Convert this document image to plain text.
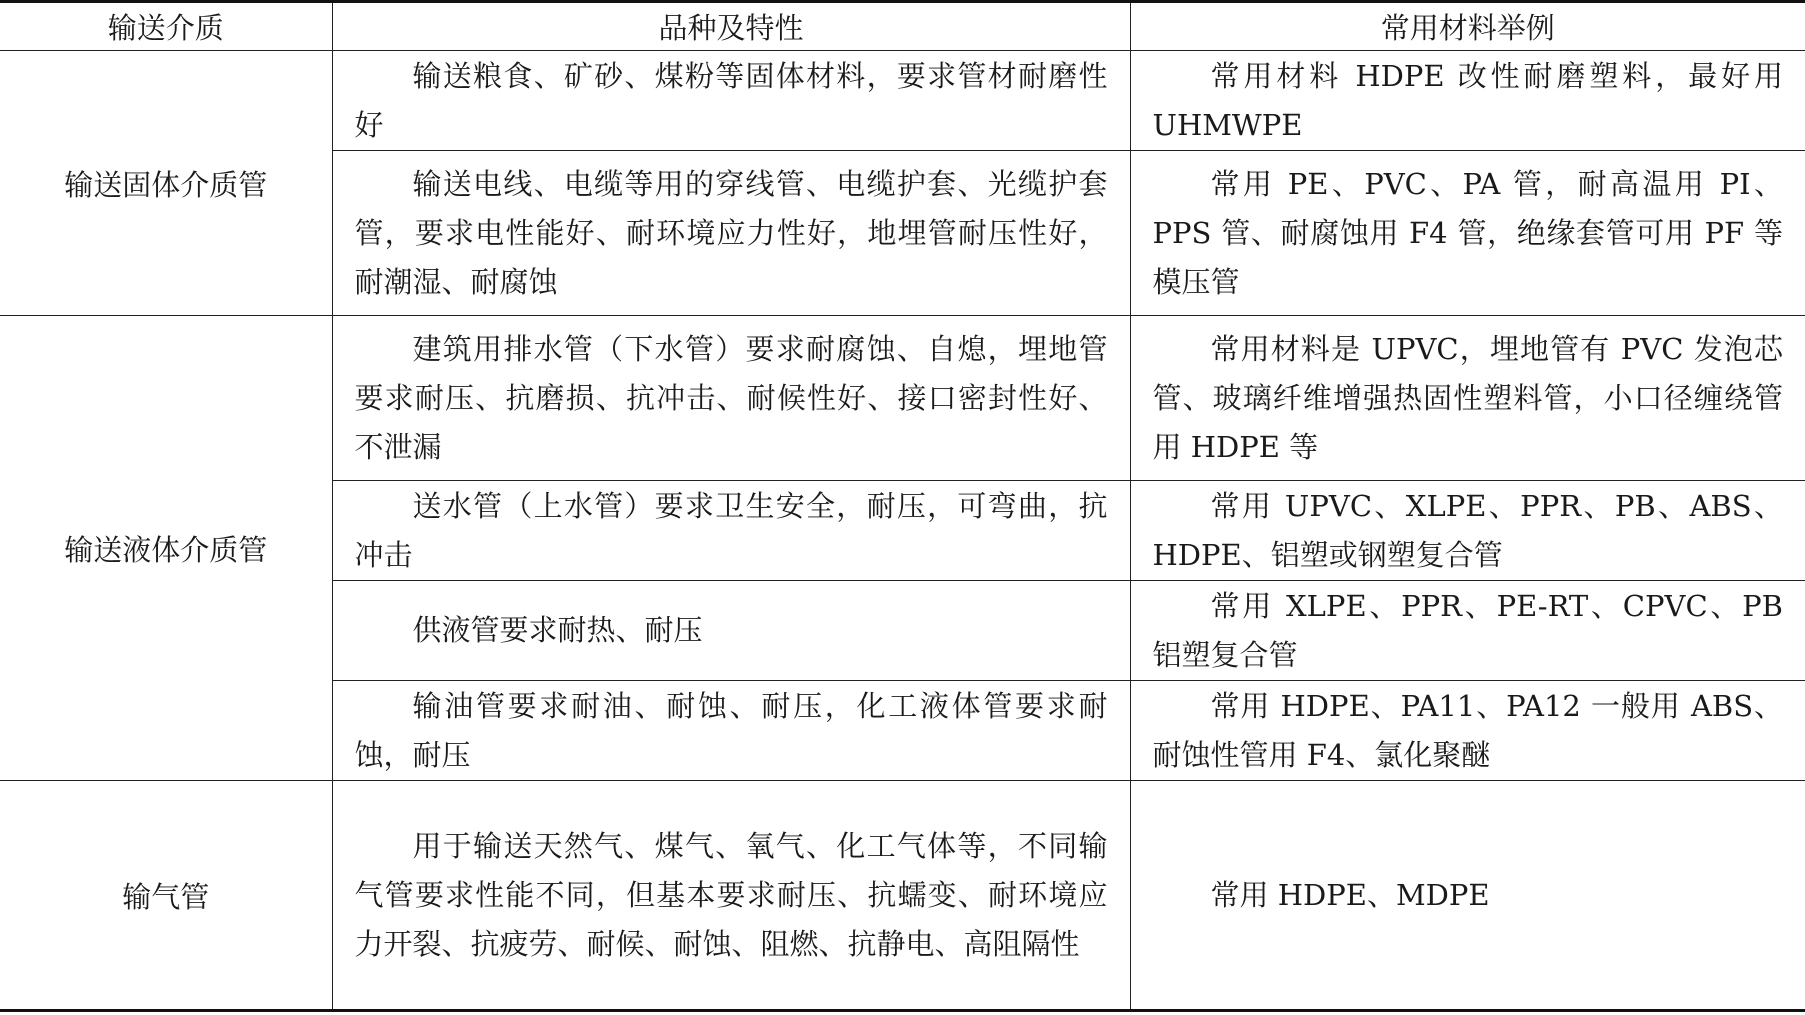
输送介质	品种及特性	常用材料举例
输送固体介质管	输送粮食、矿砂、煤粉等固体材料，要求管材耐磨性好	常用材料 HDPE 改性耐磨塑料，最好用 UHMWPE

	输送电线、电缆等用的穿线管、电缆护套、光缆护套管，要求电性能好、耐环境应力性好，地埋管耐压性好，耐潮湿、耐腐蚀	常用 PE、PVC、PA 管，耐高温用 PI、PPS 管、耐腐蚀用 F4 管，绝缘套管可用 PF 等模压管

输送液体介质管	建筑用排水管（下水管）要求耐腐蚀、自熄，埋地管要求耐压、抗磨损、抗冲击、耐候性好、接口密封性好、不泄漏	常用材料是 UPVC，埋地管有 PVC 发泡芯管、玻璃纤维增强热固性塑料管，小口径缠绕管用 HDPE 等

	送水管（上水管）要求卫生安全，耐压，可弯曲，抗冲击	常用 UPVC、XLPE、PPR、PB、ABS、HDPE、铝塑或钢塑复合管

	供液管要求耐热、耐压	常用 XLPE、PPR、PE-RT、CPVC、PB 铝塑复合管

	输油管要求耐油、耐蚀、耐压，化工液体管要求耐蚀，耐压	常用 HDPE、PA11、PA12 一般用 ABS、耐蚀性管用 F4、氯化聚醚

输气管	用于输送天然气、煤气、氧气、化工气体等，不同输气管要求性能不同，但基本要求耐压、抗蠕变、耐环境应力开裂、抗疲劳、耐候、耐蚀、阻燃、抗静电、高阻隔性	常用 HDPE、MDPE
